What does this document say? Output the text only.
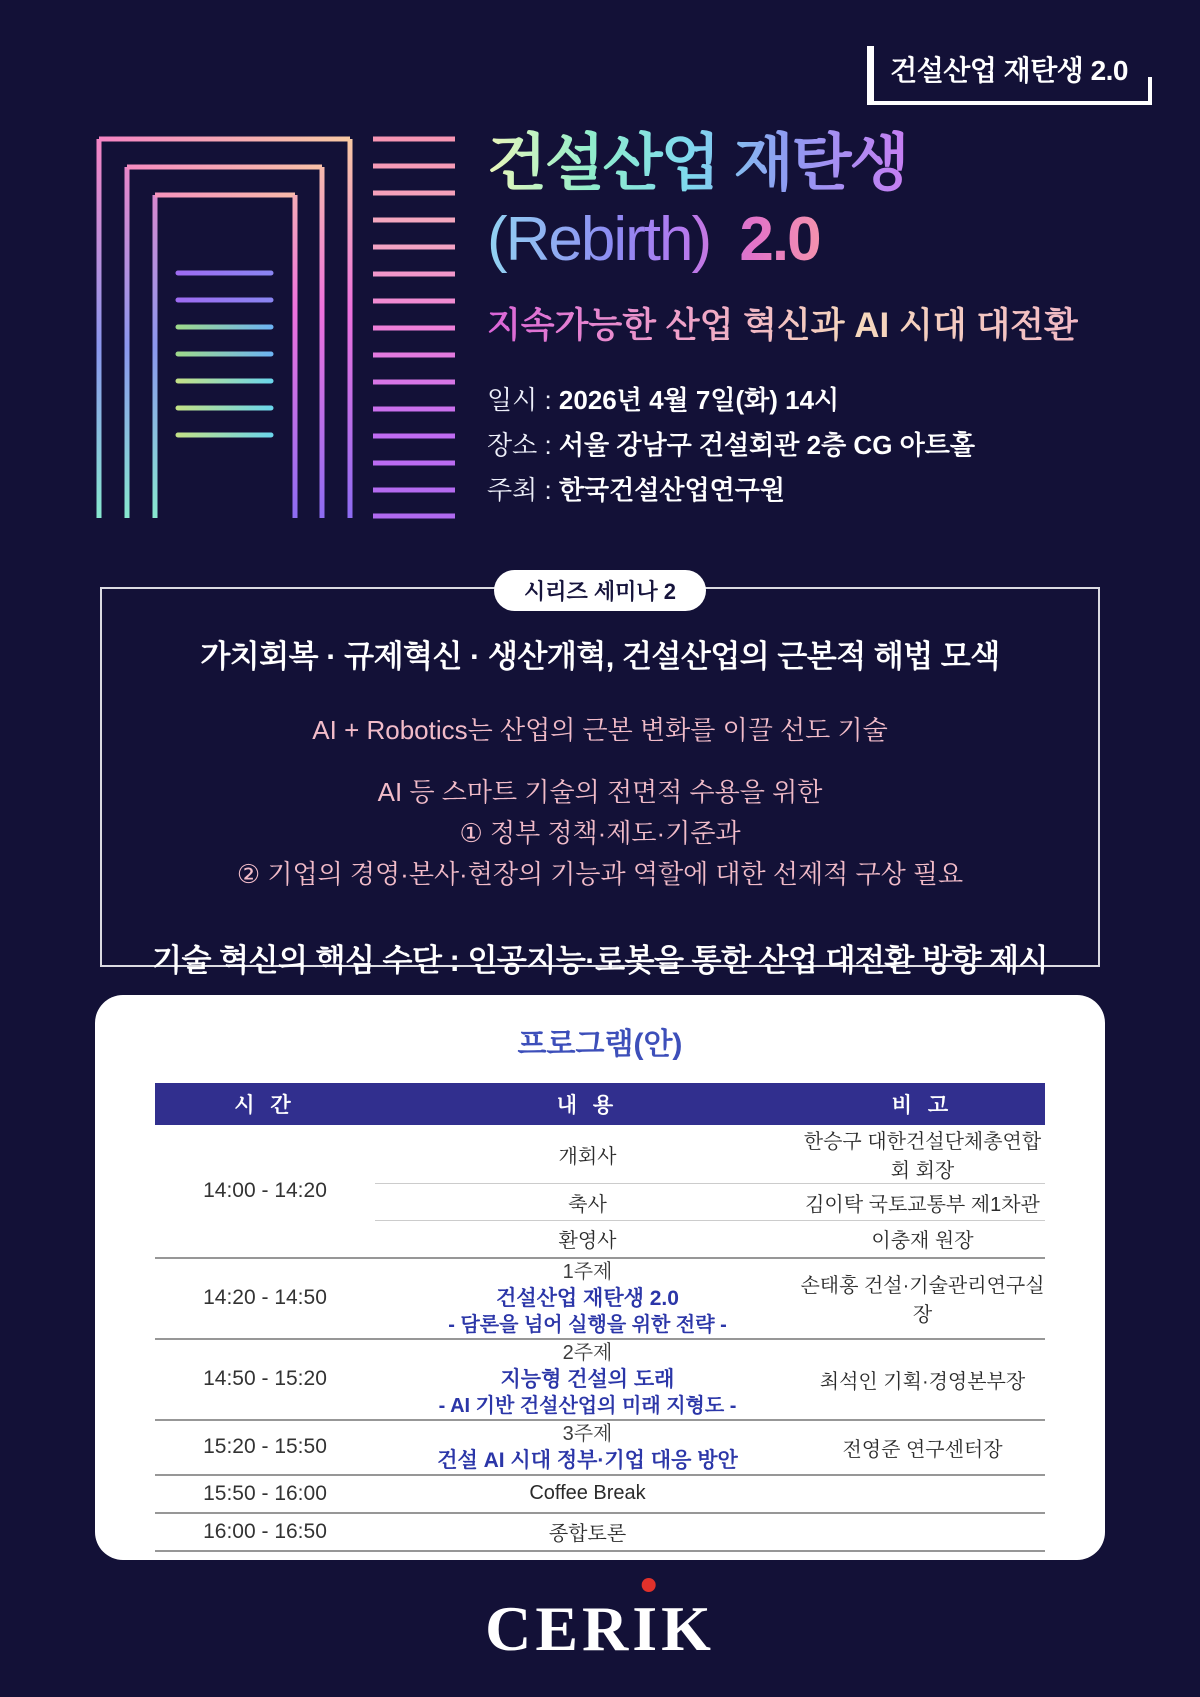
건설산업 재탄생 2.0
건설산업 재탄생
(Rebirth) 2.0
지속가능한 산업 혁신과 AI 시대 대전환
일시 : 2026년 4월 7일(화) 14시
장소 : 서울 강남구 건설회관 2층 CG 아트홀
주최 : 한국건설산업연구원
시리즈 세미나 2
가치회복 · 규제혁신 · 생산개혁, 건설산업의 근본적 해법 모색

AI + Robotics는 산업의 근본 변화를 이끌 선도 기술

AI 등 스마트 기술의 전면적 수용을 위한
① 정부 정책·제도·기준과
② 기업의 경영·본사·현장의 기능과 역할에 대한 선제적 구상 필요

기술 혁신의 핵심 수단 : 인공지능·로봇을 통한 산업 대전환 방향 제시

프로그램(안)
시 간	내 용	비 고
14:00 - 14:20	개회사	한승구 대한건설단체총연합회 회장
	축사	김이탁 국토교통부 제1차관
	환영사	이충재 원장
14:20 - 14:50	1주제
건설산업 재탄생 2.0
- 담론을 넘어 실행을 위한 전략 -	손태홍 건설·기술관리연구실장
14:50 - 15:20	2주제
지능형 건설의 도래
- AI 기반 건설산업의 미래 지형도 -	최석인 기획·경영본부장
15:20 - 15:50	3주제
건설 AI 시대 정부·기업 대응 방안	전영준 연구센터장
15:50 - 16:00	Coffee Break	
16:00 - 16:50	종합토론	
CER
IK
